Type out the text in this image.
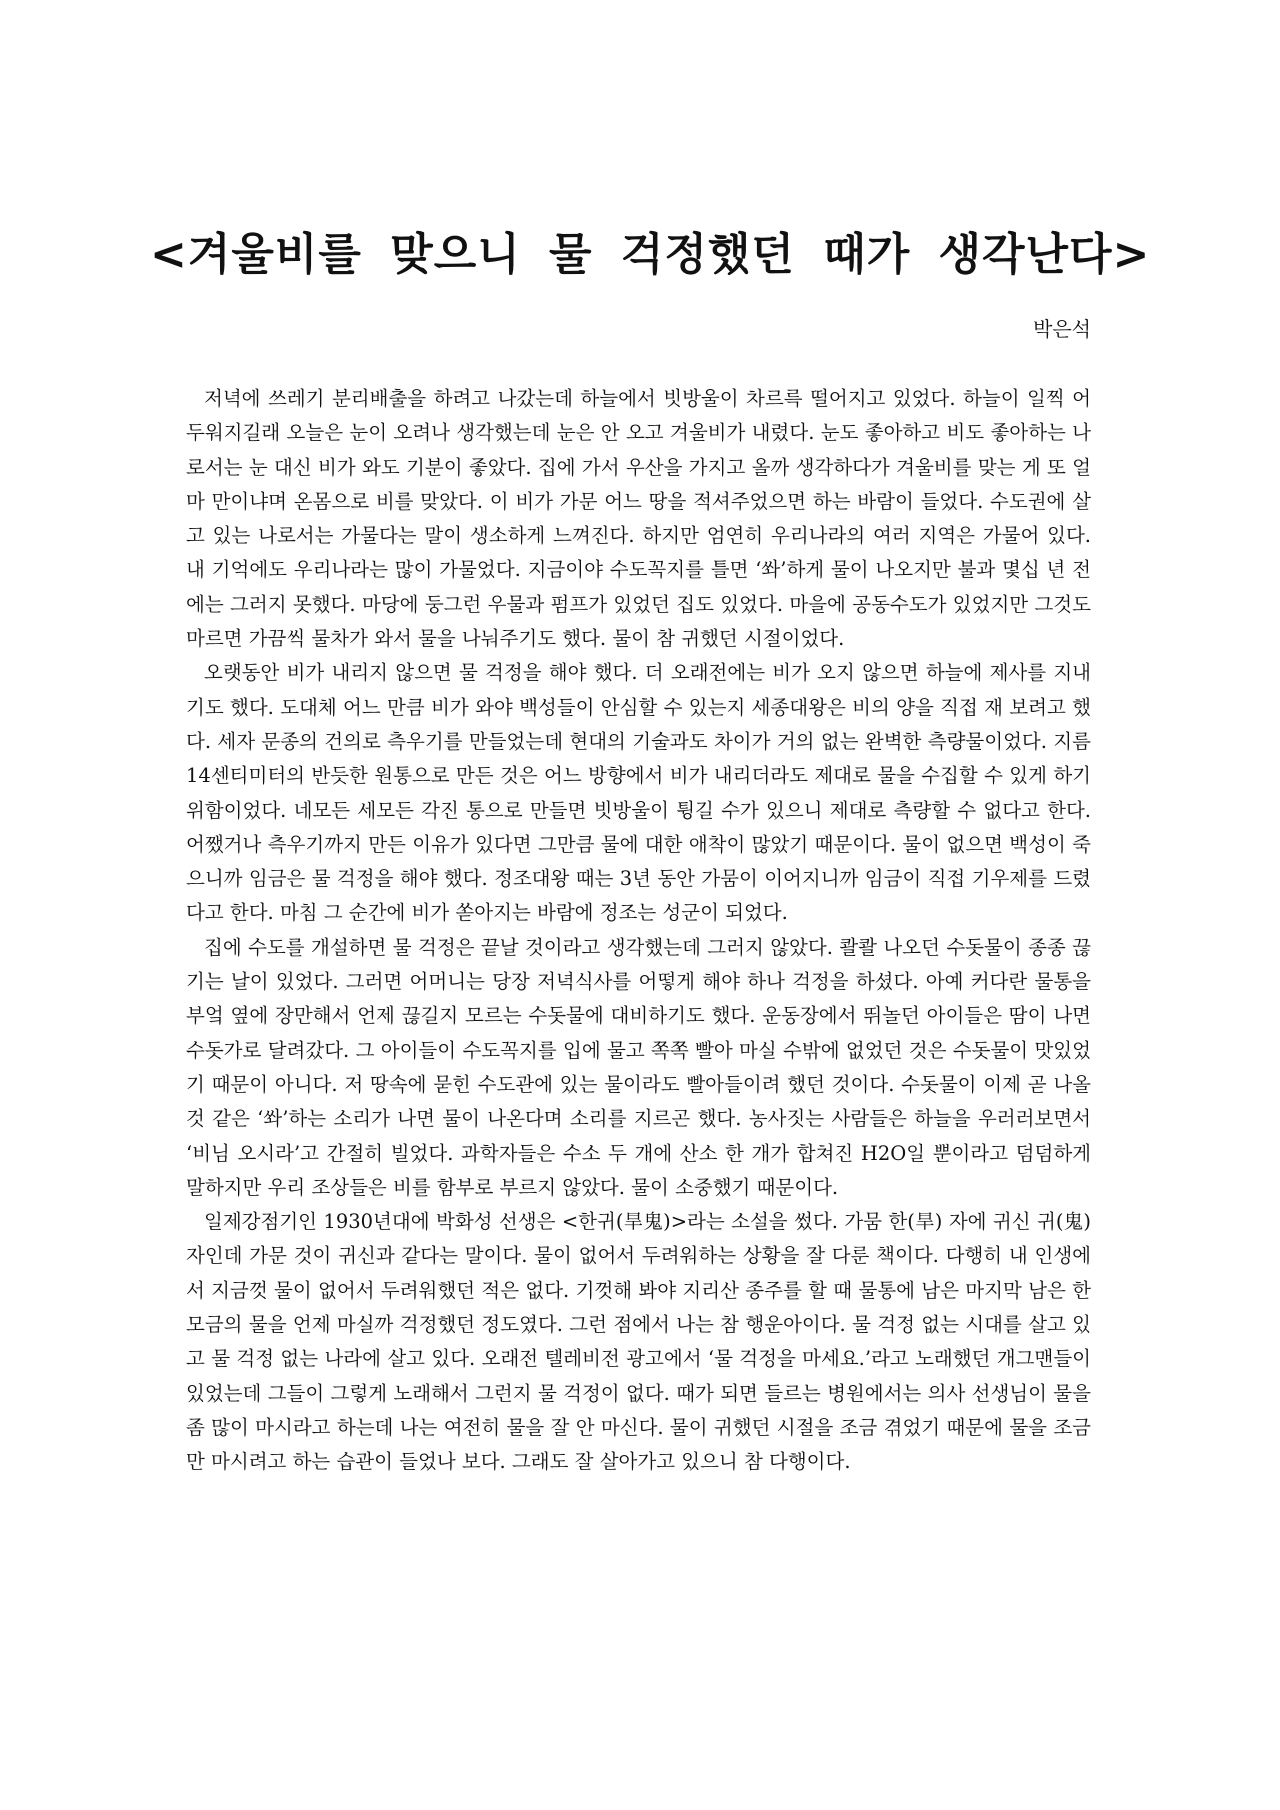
<겨울비를 맞으니 물 걱정했던 때가 생각난다>
박은석

저녁에 쓰레기 분리배출을 하려고 나갔는데 하늘에서 빗방울이 차르륵 떨어지고 있었다. 하늘이 일찍 어두워지길래 오늘은 눈이 오려나 생각했는데 눈은 안 오고 겨울비가 내렸다. 눈도 좋아하고 비도 좋아하는 나로서는 눈 대신 비가 와도 기분이 좋았다. 집에 가서 우산을 가지고 올까 생각하다가 겨울비를 맞는 게 또 얼마 만이냐며 온몸으로 비를 맞았다. 이 비가 가문 어느 땅을 적셔주었으면 하는 바람이 들었다. 수도권에 살고 있는 나로서는 가물다는 말이 생소하게 느껴진다. 하지만 엄연히 우리나라의 여러 지역은 가물어 있다. 내 기억에도 우리나라는 많이 가물었다. 지금이야 수도꼭지를 틀면 ‘쏴’하게 물이 나오지만 불과 몇십 년 전에는 그러지 못했다. 마당에 둥그런 우물과 펌프가 있었던 집도 있었다. 마을에 공동수도가 있었지만 그것도 마르면 가끔씩 물차가 와서 물을 나눠주기도 했다. 물이 참 귀했던 시절이었다.

오랫동안 비가 내리지 않으면 물 걱정을 해야 했다. 더 오래전에는 비가 오지 않으면 하늘에 제사를 지내기도 했다. 도대체 어느 만큼 비가 와야 백성들이 안심할 수 있는지 세종대왕은 비의 양을 직접 재 보려고 했다. 세자 문종의 건의로 측우기를 만들었는데 현대의 기술과도 차이가 거의 없는 완벽한 측량물이었다. 지름 14센티미터의 반듯한 원통으로 만든 것은 어느 방향에서 비가 내리더라도 제대로 물을 수집할 수 있게 하기 위함이었다. 네모든 세모든 각진 통으로 만들면 빗방울이 튕길 수가 있으니 제대로 측량할 수 없다고 한다. 어쨌거나 측우기까지 만든 이유가 있다면 그만큼 물에 대한 애착이 많았기 때문이다. 물이 없으면 백성이 죽으니까 임금은 물 걱정을 해야 했다. 정조대왕 때는 3년 동안 가뭄이 이어지니까 임금이 직접 기우제를 드렸다고 한다. 마침 그 순간에 비가 쏟아지는 바람에 정조는 성군이 되었다.

집에 수도를 개설하면 물 걱정은 끝날 것이라고 생각했는데 그러지 않았다. 콸콸 나오던 수돗물이 종종 끊기는 날이 있었다. 그러면 어머니는 당장 저녁식사를 어떻게 해야 하나 걱정을 하셨다. 아예 커다란 물통을 부엌 옆에 장만해서 언제 끊길지 모르는 수돗물에 대비하기도 했다. 운동장에서 뛰놀던 아이들은 땀이 나면 수돗가로 달려갔다. 그 아이들이 수도꼭지를 입에 물고 쪽쪽 빨아 마실 수밖에 없었던 것은 수돗물이 맛있었기 때문이 아니다. 저 땅속에 묻힌 수도관에 있는 물이라도 빨아들이려 했던 것이다. 수돗물이 이제 곧 나올 것 같은 ‘쏴’하는 소리가 나면 물이 나온다며 소리를 지르곤 했다. 농사짓는 사람들은 하늘을 우러러보면서 ‘비님 오시라’고 간절히 빌었다. 과학자들은 수소 두 개에 산소 한 개가 합쳐진 H2O일 뿐이라고 덤덤하게 말하지만 우리 조상들은 비를 함부로 부르지 않았다. 물이 소중했기 때문이다.

일제강점기인 1930년대에 박화성 선생은 <한귀(旱鬼)>라는 소설을 썼다. 가뭄 한(旱) 자에 귀신 귀(鬼) 자인데 가문 것이 귀신과 같다는 말이다. 물이 없어서 두려워하는 상황을 잘 다룬 책이다. 다행히 내 인생에서 지금껏 물이 없어서 두려워했던 적은 없다. 기껏해 봐야 지리산 종주를 할 때 물통에 남은 마지막 남은 한 모금의 물을 언제 마실까 걱정했던 정도였다. 그런 점에서 나는 참 행운아이다. 물 걱정 없는 시대를 살고 있고 물 걱정 없는 나라에 살고 있다. 오래전 텔레비전 광고에서 ‘물 걱정을 마세요.’라고 노래했던 개그맨들이 있었는데 그들이 그렇게 노래해서 그런지 물 걱정이 없다. 때가 되면 들르는 병원에서는 의사 선생님이 물을 좀 많이 마시라고 하는데 나는 여전히 물을 잘 안 마신다. 물이 귀했던 시절을 조금 겪었기 때문에 물을 조금만 마시려고 하는 습관이 들었나 보다. 그래도 잘 살아가고 있으니 참 다행이다.
